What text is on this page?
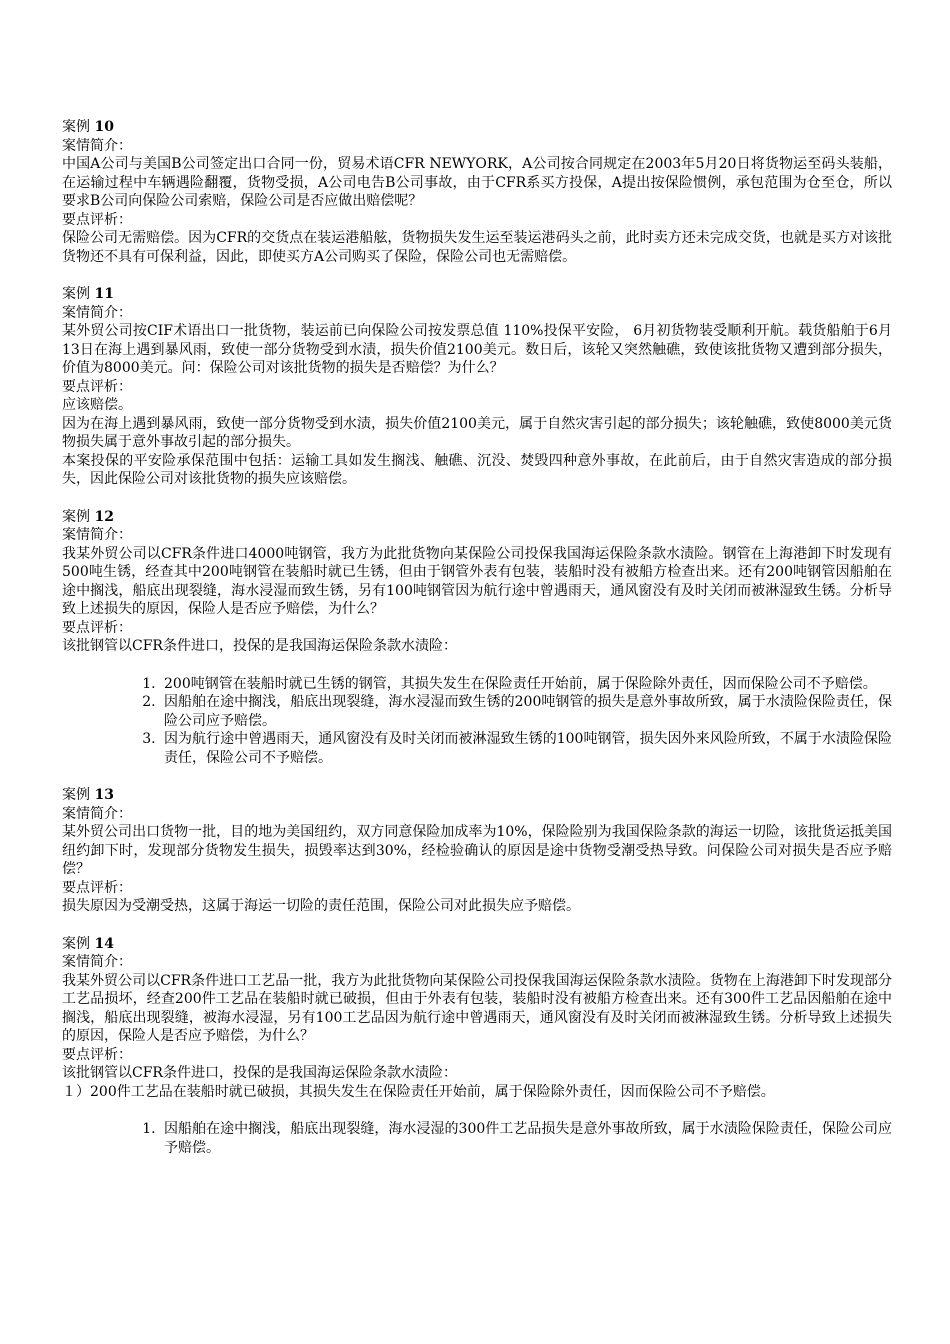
案例 10

案情简介：

中国A公司与美国B公司签定出口合同一份，贸易术语CFR NEWYORK，A公司按合同规定在2003年5月20日将货物运至码头装船，在运输过程中车辆遇险翻覆，货物受损，A公司电告B公司事故，由于CFR系买方投保，A提出按保险惯例，承包范围为仓至仓，所以要求B公司向保险公司索赔，保险公司是否应做出赔偿呢？

要点评析：

保险公司无需赔偿。因为CFR的交货点在装运港船舷，货物损失发生运至装运港码头之前，此时卖方还未完成交货，也就是买方对该批货物还不具有可保利益，因此，即使买方A公司购买了保险，保险公司也无需赔偿。

案例 11

案情简介：

某外贸公司按CIF术语出口一批货物，装运前已向保险公司按发票总值 110%投保平安险， 6月初货物装受顺利开航。载货船舶于6月13日在海上遇到暴风雨，致使一部分货物受到水渍，损失价值2100美元。数日后，该轮又突然触礁，致使该批货物又遭到部分损失，价值为8000美元。问：保险公司对该批货物的损失是否赔偿？为什么？

要点评析：

应该赔偿。

因为在海上遇到暴风雨，致使一部分货物受到水渍，损失价值2100美元，属于自然灾害引起的部分损失；该轮触礁，致使8000美元货物损失属于意外事故引起的部分损失。

本案投保的平安险承保范围中包括：运输工具如发生搁浅、触礁、沉没、焚毁四种意外事故，在此前后，由于自然灾害造成的部分损失，因此保险公司对该批货物的损失应该赔偿。

案例 12

案情简介：

我某外贸公司以CFR条件进口4000吨钢管，我方为此批货物向某保险公司投保我国海运保险条款水渍险。钢管在上海港卸下时发现有500吨生锈，经查其中200吨钢管在装船时就已生锈，但由于钢管外表有包装，装船时没有被船方检查出来。还有200吨钢管因船舶在途中搁浅，船底出现裂缝，海水浸湿而致生锈，另有100吨钢管因为航行途中曾遇雨天，通风窗没有及时关闭而被淋湿致生锈。分析导致上述损失的原因，保险人是否应予赔偿，为什么？

要点评析：

该批钢管以CFR条件进口，投保的是我国海运保险条款水渍险：

1. 200吨钢管在装船时就已生锈的钢管，其损失发生在保险责任开始前，属于保险除外责任，因而保险公司不予赔偿。
2. 因船舶在途中搁浅，船底出现裂缝，海水浸湿而致生锈的200吨钢管的损失是意外事故所致，属于水渍险保险责任，保险公司应予赔偿。
3. 因为航行途中曾遇雨天，通风窗没有及时关闭而被淋湿致生锈的100吨钢管，损失因外来风险所致，不属于水渍险保险责任，保险公司不予赔偿。
案例 13

案情简介：

某外贸公司出口货物一批，目的地为美国纽约，双方同意保险加成率为10%，保险险别为我国保险条款的海运一切险，该批货运抵美国纽约卸下时，发现部分货物发生损失，损毁率达到30%，经检验确认的原因是途中货物受潮受热导致。问保险公司对损失是否应予赔偿？

要点评析：

损失原因为受潮受热，这属于海运一切险的责任范围，保险公司对此损失应予赔偿。

案例 14

案情简介：

我某外贸公司以CFR条件进口工艺品一批，我方为此批货物向某保险公司投保我国海运保险条款水渍险。货物在上海港卸下时发现部分工艺品损坏，经查200件工艺品在装船时就已破损，但由于外表有包装，装船时没有被船方检查出来。还有300件工艺品因船舶在途中搁浅，船底出现裂缝，被海水浸湿，另有100工艺品因为航行途中曾遇雨天，通风窗没有及时关闭而被淋湿致生锈。分析导致上述损失的原因，保险人是否应予赔偿，为什么？

要点评析：

该批钢管以CFR条件进口，投保的是我国海运保险条款水渍险：

１）200件工艺品在装船时就已破损，其损失发生在保险责任开始前，属于保险除外责任，因而保险公司不予赔偿。

1. 因船舶在途中搁浅，船底出现裂缝，海水浸湿的300件工艺品损失是意外事故所致，属于水渍险保险责任，保险公司应予赔偿。
